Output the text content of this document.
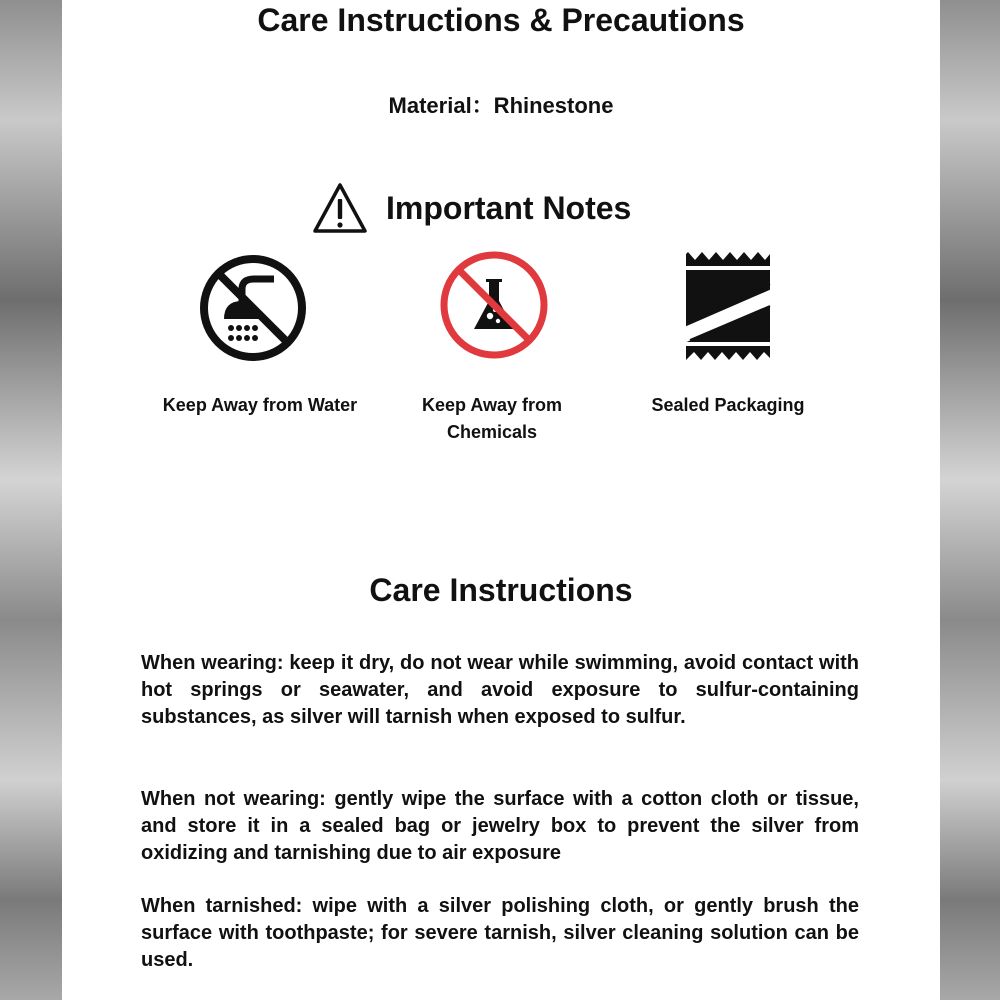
Care Instructions & Precautions
Material：Rhinestone
Important Notes
Keep Away from Water	Keep Away from Chemicals
Sealed Packaging
Care Instructions

When wearing: keep it dry, do not wear while swimming, avoid contact with hot springs or seawater, and avoid exposure to sulfur-containing substances, as silver will tarnish when exposed to sulfur.

When not wearing: gently wipe the surface with a cotton cloth or tissue, and store it in a sealed bag or jewelry box to prevent the silver from oxidizing and tarnishing due to air exposure

When tarnished: wipe with a silver polishing cloth, or gently brush the surface with toothpaste; for severe tarnish, silver cleaning solution can be used.
